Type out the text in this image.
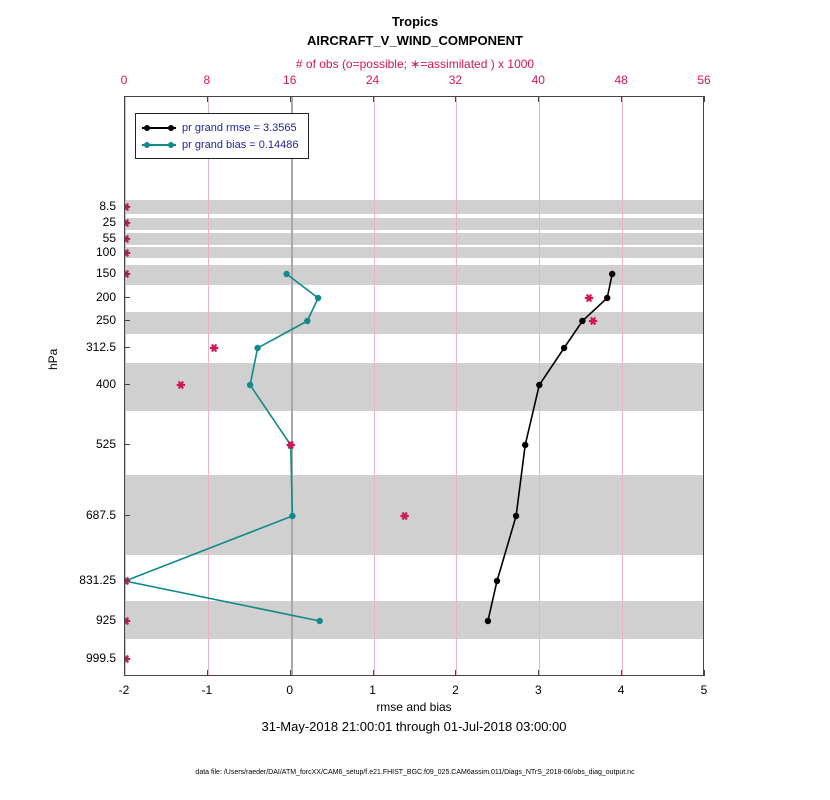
Tropics
AIRCRAFT_V_WIND_COMPONENT
# of obs (o=possible; ∗=assimilated ) x 1000
pr grand rmse = 3.3565
pr grand bias = 0.14486
0	8	16	24	32	40	48	56
-2	-1	0	1	2	3	4	5
8.5
25
55
100
150
200
250
312.5
400
525
687.5
831.25
925
999.5
rmse and bias
31-May-2018 21:00:01 through 01-Jul-2018 03:00:00
hPa
data file: /Users/raeder/DAI/ATM_forcXX/CAM6_setup/f.e21.FHIST_BGC.f09_025.CAM6assim.011/Diags_NTrS_2018-06/obs_diag_output.nc
